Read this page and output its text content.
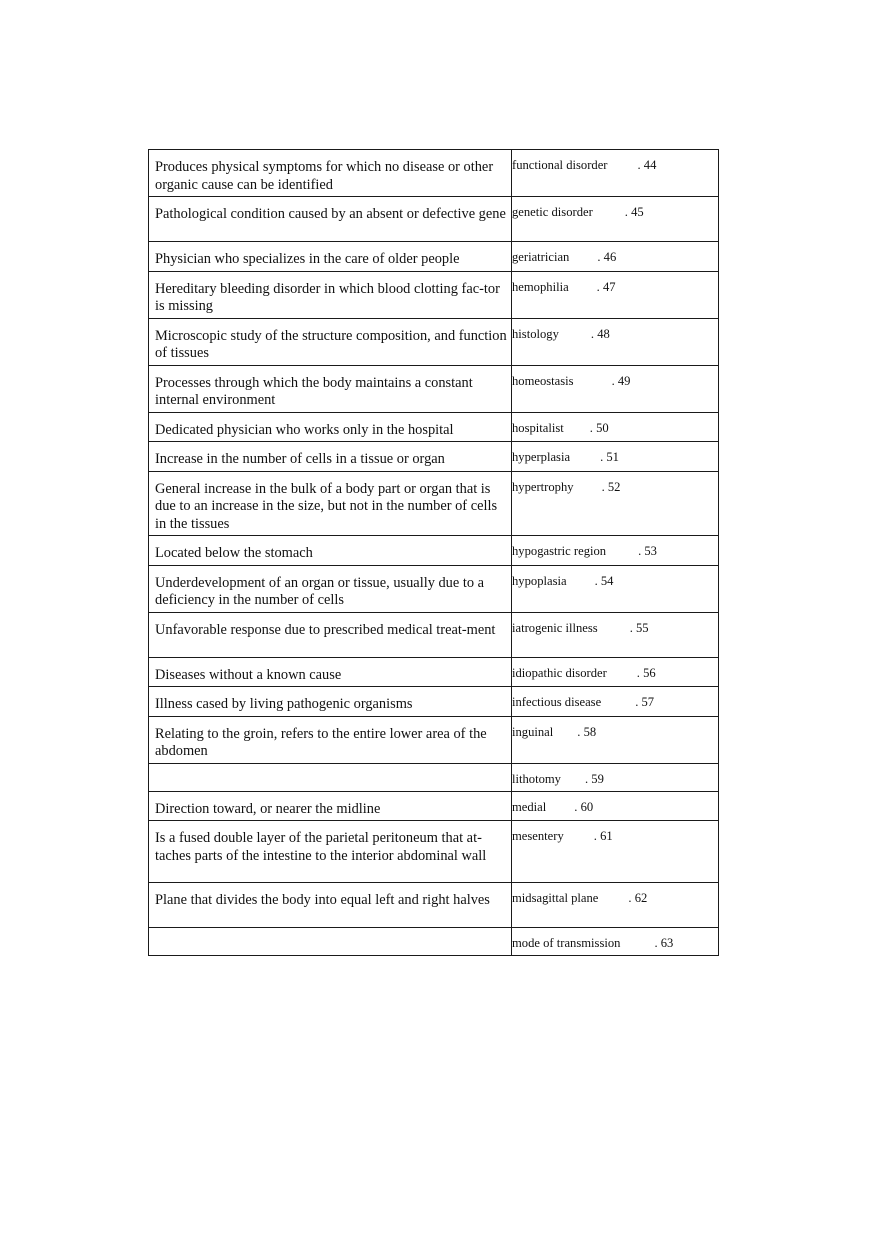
Produces physical symptoms for which no disease or other organic cause can be identified	functional disorder . 44
Pathological condition caused by an absent or defective gene	genetic disorder . 45
Physician who specializes in the care of older people	geriatrician . 46
Hereditary bleeding disorder in which blood clotting fac-tor is missing	hemophilia . 47
Microscopic study of the structure composition, and function of tissues	histology . 48
Processes through which the body maintains a constant internal environment	homeostasis . 49
Dedicated physician who works only in the hospital	hospitalist . 50
Increase in the number of cells in a tissue or organ	hyperplasia . 51
General increase in the bulk of a body part or organ that is due to an increase in the size, but not in the number of cells in the tissues	hypertrophy . 52
Located below the stomach	hypogastric region . 53
Underdevelopment of an organ or tissue, usually due to a deficiency in the number of cells	hypoplasia . 54
Unfavorable response due to prescribed medical treat-ment	iatrogenic illness . 55
Diseases without a known cause	idiopathic disorder . 56
Illness cased by living pathogenic organisms	infectious disease . 57
Relating to the groin, refers to the entire lower area of the abdomen	inguinal . 58
	lithotomy . 59
Direction toward, or nearer the midline	medial . 60
Is a fused double layer of the parietal peritoneum that at-taches parts of the intestine to the interior abdominal wall	mesentery . 61
Plane that divides the body into equal left and right halves	midsagittal plane . 62
	mode of transmission . 63
